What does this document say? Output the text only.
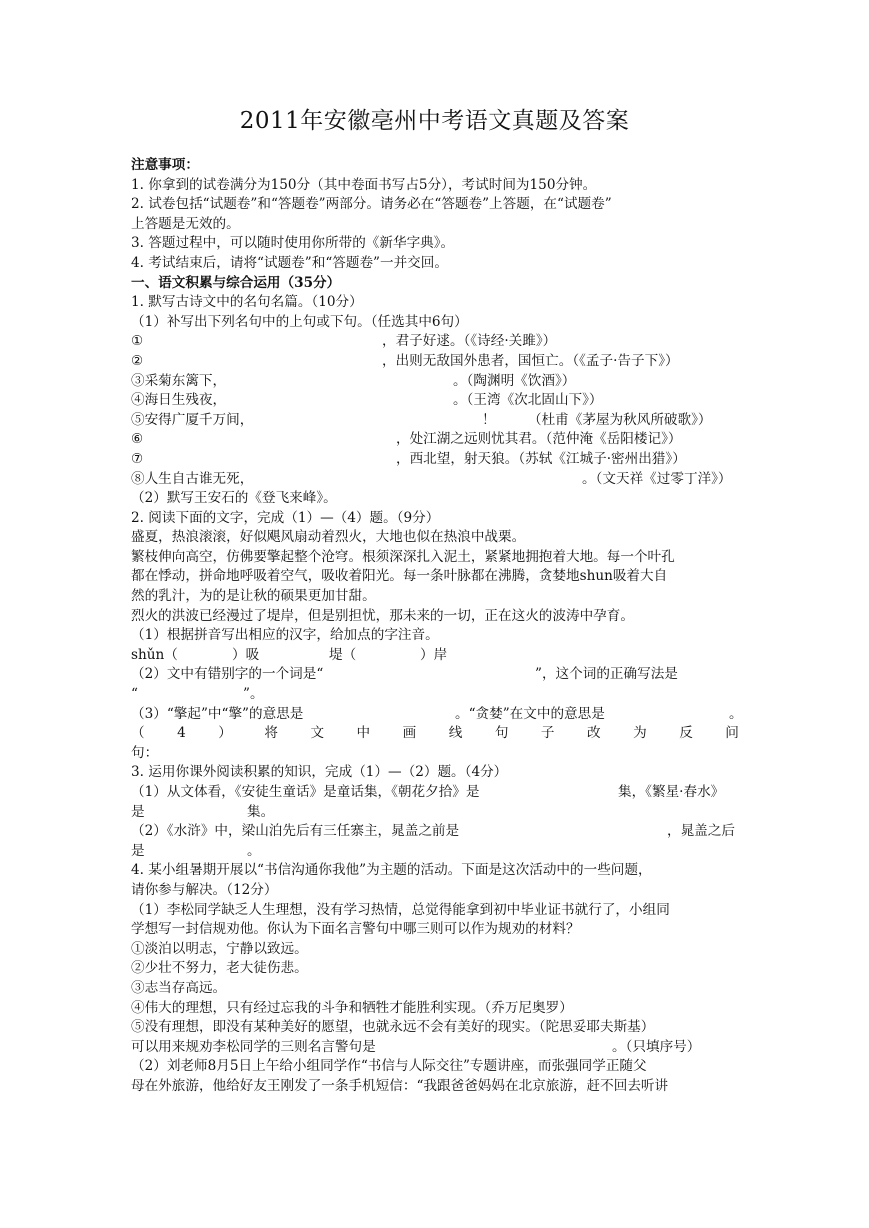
2011年安徽亳州中考语文真题及答案
注意事项：
1. 你拿到的试卷满分为150分（其中卷面书写占5分），考试时间为150分钟。
2. 试卷包括“试题卷”和“答题卷”两部分。请务必在“答题卷”上答题，在“试题卷”
上答题是无效的。
3. 答题过程中，可以随时使用你所带的《新华字典》。
4. 考试结束后，请将“试题卷”和“答题卷”一并交回。
一、语文积累与综合运用（35分）
1. 默写古诗文中的名句名篇。（10分）
（1）补写出下列名句中的上句或下句。（任选其中6句）
①	，君子好逑。（《诗经·关雎》）
②	，出则无敌国外患者，国恒亡。（《孟子·告子下》）
③采菊东篱下，	。（陶渊明《饮酒》）
④海日生残夜，	。（王湾《次北固山下》）
⑤安得广厦千万间，	！ （杜甫《茅屋为秋风所破歌》）
⑥	，处江湖之远则忧其君。（范仲淹《岳阳楼记》）
⑦	，西北望，射天狼。（苏轼《江城子·密州出猎》）
⑧人生自古谁无死，	。（文天祥《过零丁洋》）
（2）默写王安石的《登飞来峰》。
2. 阅读下面的文字，完成（1）—（4）题。（9分）
盛夏，热浪滚滚，好似飓风扇动着烈火，大地也似在热浪中战栗。
繁枝伸向高空，仿佛要擎起整个沧穹。根须深深扎入泥土，紧紧地拥抱着大地。每一个叶孔
都在悸动，拼命地呼吸着空气，吸收着阳光。每一条叶脉都在沸腾，贪婪地shun吸着大自
然的乳汁，为的是让秋的硕果更加甘甜。
烈火的洪波已经漫过了堤岸，但是别担忧，那未来的一切，正在这火的波涛中孕育。
（1）根据拼音写出相应的汉字，给加点的字注音。
shǔn（	）吸	堤（	）岸
（2）文中有错别字的一个词是“	”，这个词的正确写法是
“	”。
（3）“擎起”中“擎”的意思是	。“贪婪”在文中的意思是	。
（ 4 ） 将 文 中 画 线 句 子 改 为 反 问
句：
3. 运用你课外阅读积累的知识，完成（1）—（2）题。（4分）
（1）从文体看，《安徒生童话》是童话集，《朝花夕拾》是	集，《繁星·春水》
是	集。
（2）《水浒》中，梁山泊先后有三任寨主，晁盖之前是	，晁盖之后
是	。
4. 某小组暑期开展以“书信沟通你我他”为主题的活动。下面是这次活动中的一些问题，
请你参与解决。（12分）
（1）李松同学缺乏人生理想，没有学习热情，总觉得能拿到初中毕业证书就行了，小组同
学想写一封信规劝他。你认为下面名言警句中哪三则可以作为规劝的材料？
①淡泊以明志，宁静以致远。
②少壮不努力，老大徒伤悲。
③志当存高远。
④伟大的理想，只有经过忘我的斗争和牺牲才能胜利实现。（乔万尼奥罗）
⑤没有理想，即没有某种美好的愿望，也就永远不会有美好的现实。（陀思妥耶夫斯基）
可以用来规劝李松同学的三则名言警句是	。（只填序号）
（2）刘老师8月5日上午给小组同学作“书信与人际交往”专题讲座，而张强同学正随父
母在外旅游，他给好友王刚发了一条手机短信：“我跟爸爸妈妈在北京旅游，赶不回去听讲
